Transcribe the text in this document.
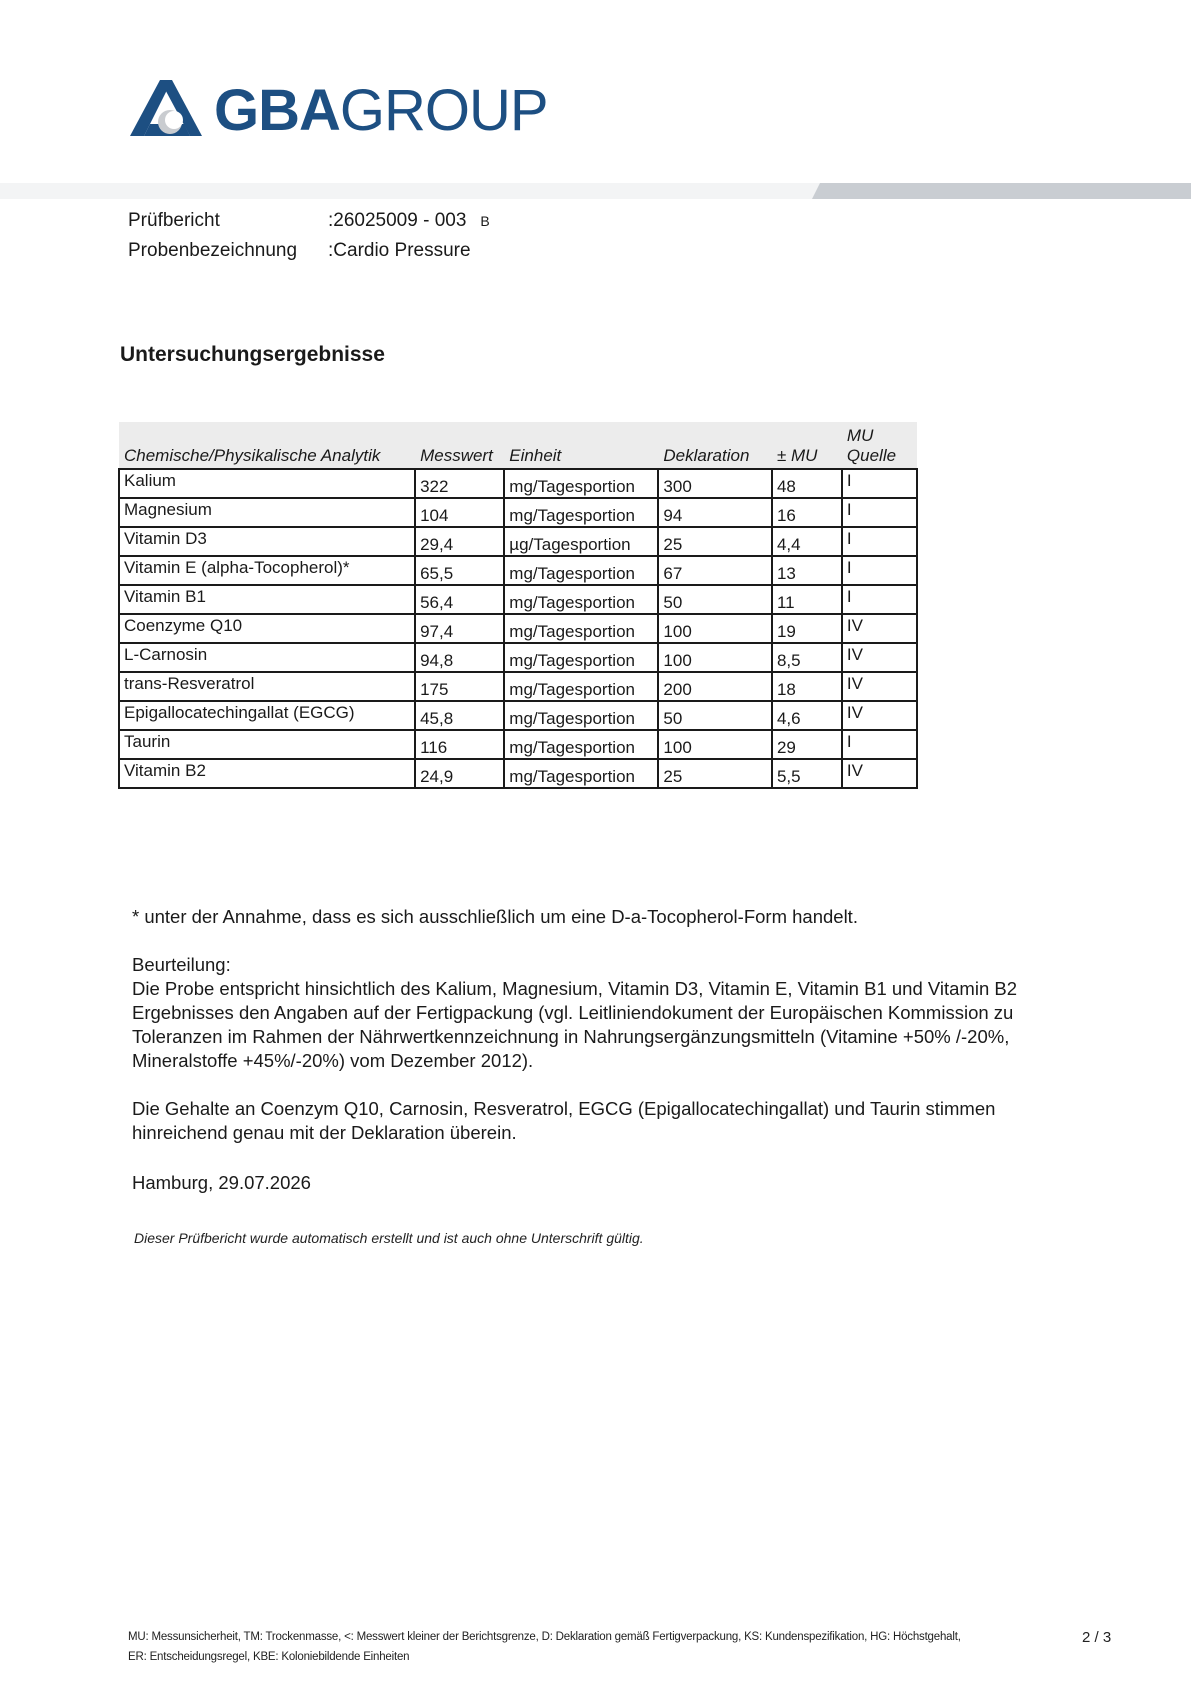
GBAGROUP
Prüfbericht	:26025009 - 003 B
Probenbezeichnung :Cardio Pressure
Untersuchungsergebnisse
Chemische/Physikalische Analytik	Messwert	Einheit	Deklaration	± MU	MU
Quelle
Kalium	322	mg/Tagesportion	300	48	I
Magnesium	104	mg/Tagesportion	94	16	I
Vitamin D3	29,4	µg/Tagesportion	25	4,4	I
Vitamin E (alpha-Tocopherol)*	65,5	mg/Tagesportion	67	13	I
Vitamin B1	56,4	mg/Tagesportion	50	11	I
Coenzyme Q10	97,4	mg/Tagesportion	100	19	IV
L-Carnosin	94,8	mg/Tagesportion	100	8,5	IV
trans-Resveratrol	175	mg/Tagesportion	200	18	IV
Epigallocatechingallat (EGCG)	45,8	mg/Tagesportion	50	4,6	IV
Taurin	116	mg/Tagesportion	100	29	I
Vitamin B2	24,9	mg/Tagesportion	25	5,5	IV

* unter der Annahme, dass es sich ausschließlich um eine D-a-Tocopherol-Form handelt.

Beurteilung:

Die Probe entspricht hinsichtlich des Kalium, Magnesium, Vitamin D3, Vitamin E, Vitamin B1 und Vitamin B2

Ergebnisses den Angaben auf der Fertigpackung (vgl. Leitliniendokument der Europäischen Kommission zu

Toleranzen im Rahmen der Nährwertkennzeichnung in Nahrungsergänzungsmitteln (Vitamine +50% /-20%,

Mineralstoffe +45%/-20%) vom Dezember 2012).

Die Gehalte an Coenzym Q10, Carnosin, Resveratrol, EGCG (Epigallocatechingallat) und Taurin stimmen

hinreichend genau mit der Deklaration überein.

Hamburg, 29.07.2026

Dieser Prüfbericht wurde automatisch erstellt und ist auch ohne Unterschrift gültig.
MU: Messunsicherheit, TM: Trockenmasse, <: Messwert kleiner der Berichtsgrenze, D: Deklaration gemäß Fertigverpackung, KS: Kundenspezifikation, HG: Höchstgehalt,
ER: Entscheidungsregel, KBE: Koloniebildende Einheiten
2 / 3
